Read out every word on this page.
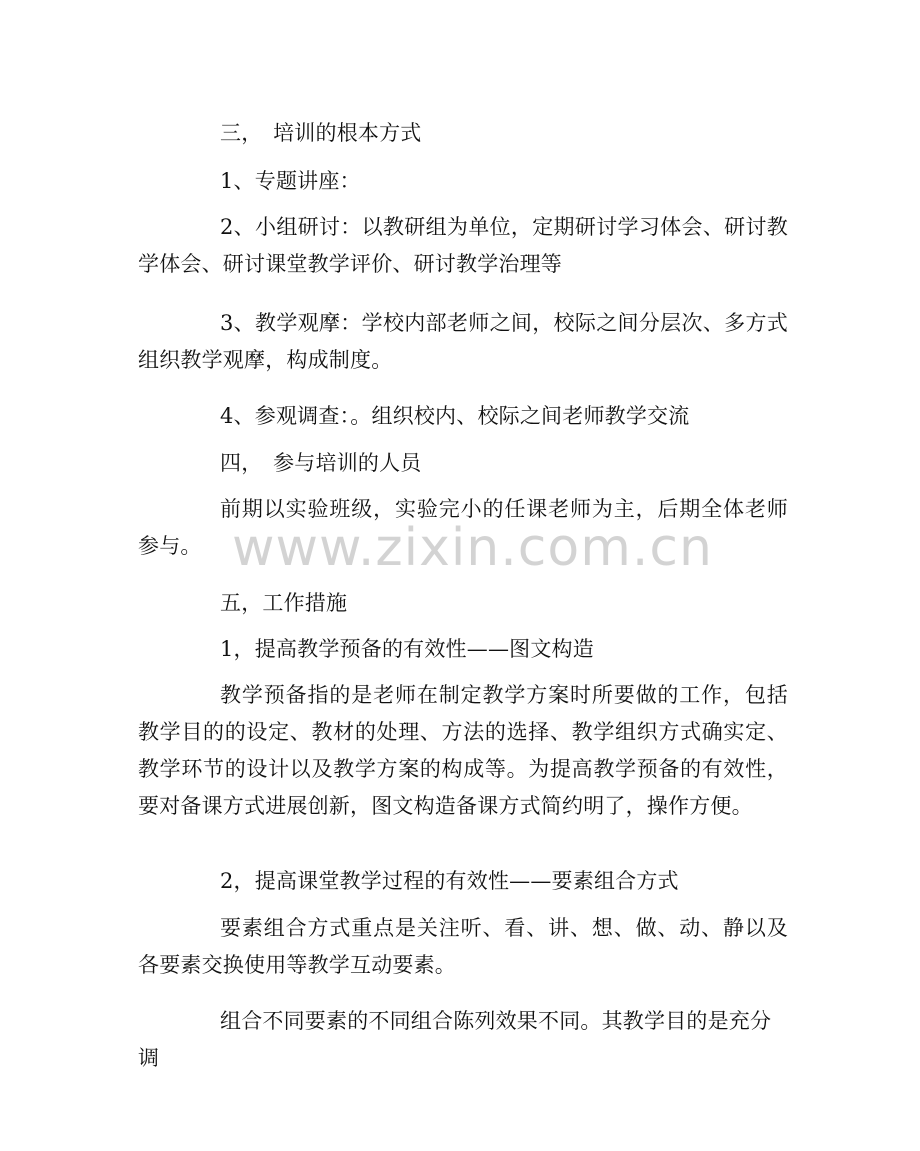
三，　培训的根本方式

1、专题讲座：

2、小组研讨：以教研组为单位，定期研讨学习体会、研讨教学体会、研讨课堂教学评价、研讨教学治理等

3、教学观摩：学校内部老师之间，校际之间分层次、多方式组织教学观摩，构成制度。

4、参观调查：。组织校内、校际之间老师教学交流

四，　参与培训的人员

前期以实验班级，实验完小的任课老师为主，后期全体老师参与。

五，工作措施

1，提高教学预备的有效性——图文构造

教学预备指的是老师在制定教学方案时所要做的工作，包括教学目的的设定、教材的处理、方法的选择、教学组织方式确实定、教学环节的设计以及教学方案的构成等。为提高教学预备的有效性，要对备课方式进展创新，图文构造备课方式简约明了，操作方便。

2，提高课堂教学过程的有效性——要素组合方式

要素组合方式重点是关注听、看、讲、想、做、动、静以及各要素交换使用等教学互动要素。

组合不同要素的不同组合陈列效果不同。其教学目的是充分调

www.zixin.com.cn
